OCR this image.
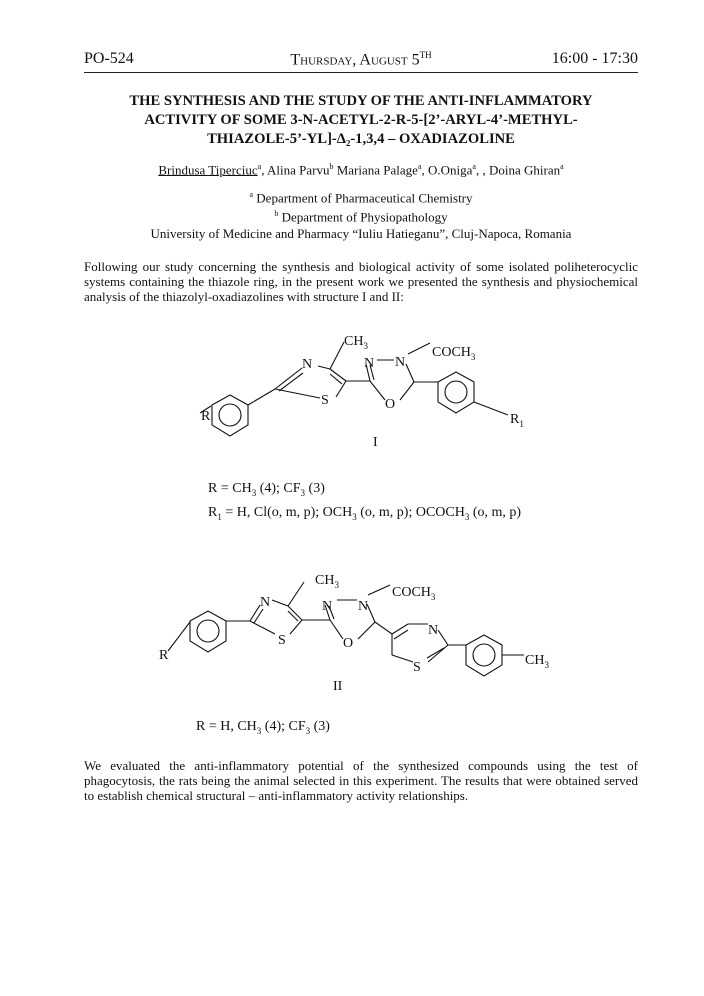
PO-524	Thursday, August 5TH	16:00 - 17:30
THE SYNTHESIS AND THE STUDY OF THE ANTI-INFLAMMATORY
ACTIVITY OF SOME 3-N-ACETYL-2-R-5-[2’-ARYL-4’-METHYL-
THIAZOLE-5’-YL]-Δ₂-1,3,4 – OXADIAZOLINE
Brindusa Tiperciuc$^a$, Alina Parvu$^b$ Mariana Palage$^a$, O.Oniga$^a$, , Doina Ghiran$^a$
$^a$ Department of Pharmaceutical Chemistry
$^b$ Department of Physiopathology
University of Medicine and Pharmacy “Iuliu Hatieganu”, Cluj-Napoca, Romania
Following our study concerning the synthesis and biological activity of some isolated poliheterocyclic systems containing the thiazole ring, in the present work we presented the synthesis and physiochemical analysis of the thiazolyl-oxadiazolines with structure I and II:
$CH_3$	$COCH_3$
N	N N
S	O
R	$R_1$
I
$CH_3$	$COCH_3$
N	N N
N
S	O
S
R	$CH_3$
II
$R = CH_3$ (4); $CF_3$ (3)
$R_1 = H$, Cl(o, m, p); $OCH_3$ (o, m, p); $OCOCH_3$ (o, m, p)
R = H, $CH_3$ (4); $CF_3$ (3)
We evaluated the anti-inflammatory potential of the synthesized compounds using the test of phagocytosis, the rats being the animal selected in this experiment. The results that were obtained served to establish chemical structural – anti-inflammatory activity relationships.
